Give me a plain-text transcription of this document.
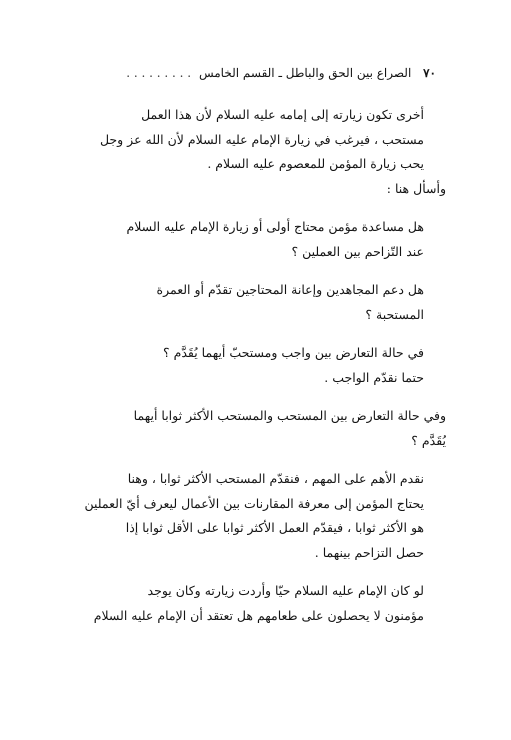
٧٠ الصراع بين الحق والباطل ـ القسم الخامس . . . . . . . . .
أخرى تكون زيارته إلى إمامه عليه السلام لأن هذا العمل
مستحب ، فيرغب في زيارة الإمام عليه السلام لأن الله عز وجل
يحب زيارة المؤمن للمعصوم عليه السلام .
وأسأل هنا :
هل مساعدة مؤمن محتاج أولى أو زيارة الإمام عليه السلام
عند التّزاحم بين العملين ؟
هل دعم المجاهدين وإعانة المحتاجين تقدّم أو العمرة
المستحبة ؟
في حالة التعارض بين واجب ومستحبّ أيهما يُقَدَّم ؟
حتما نقدّم الواجب .
وفي حالة التعارض بين المستحب والمستحب الأكثر ثوابا أيهما
يُقَدَّم ؟
نقدم الأهم على المهم ، فنقدّم المستحب الأكثر ثوابا ، وهنا
يحتاج المؤمن إلى معرفة المقارنات بين الأعمال ليعرف أيّ العملين
هو الأكثر ثوابا ، فيقدّم العمل الأكثر ثوابا على الأقل ثوابا إذا
حصل التزاحم بينهما .
لو كان الإمام عليه السلام حيّا وأردت زيارته وكان يوجد
مؤمنون لا يحصلون على طعامهم هل تعتقد أن الإمام عليه السلام
